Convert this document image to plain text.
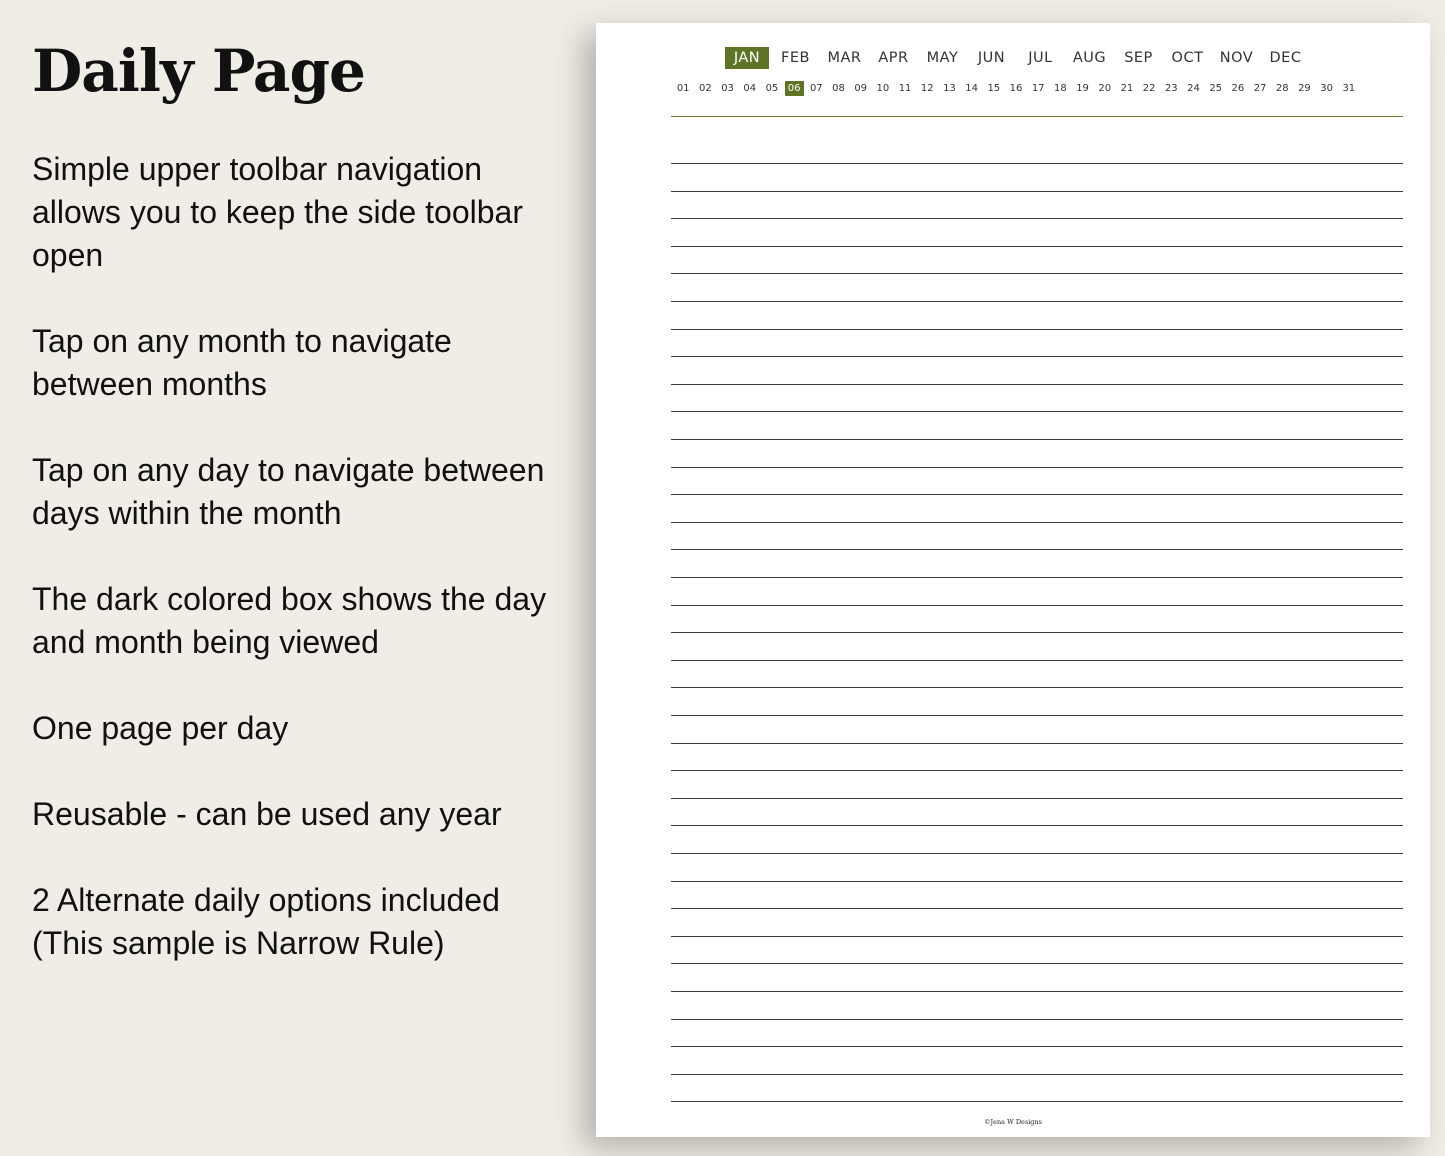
Daily Page

Simple upper toolbar navigation allows you to keep the side toolbar open

Tap on any month to navigate between months

Tap on any day to navigate between days within the month

The dark colored box shows the day and month being viewed

One page per day

Reusable - can be used any year

2 Alternate daily options included (This sample is Narrow Rule)

JAN	FEB	MAR	APR	MAY	JUN	JUL	AUG	SEP	OCT	NOV	DEC
01 02 03 04 05 06 07 08 09 10 11 12 13 14 15 16 17 18 19 20 21 22 23 24 25 26 27 28 29 30 31
©Jena W Designs
